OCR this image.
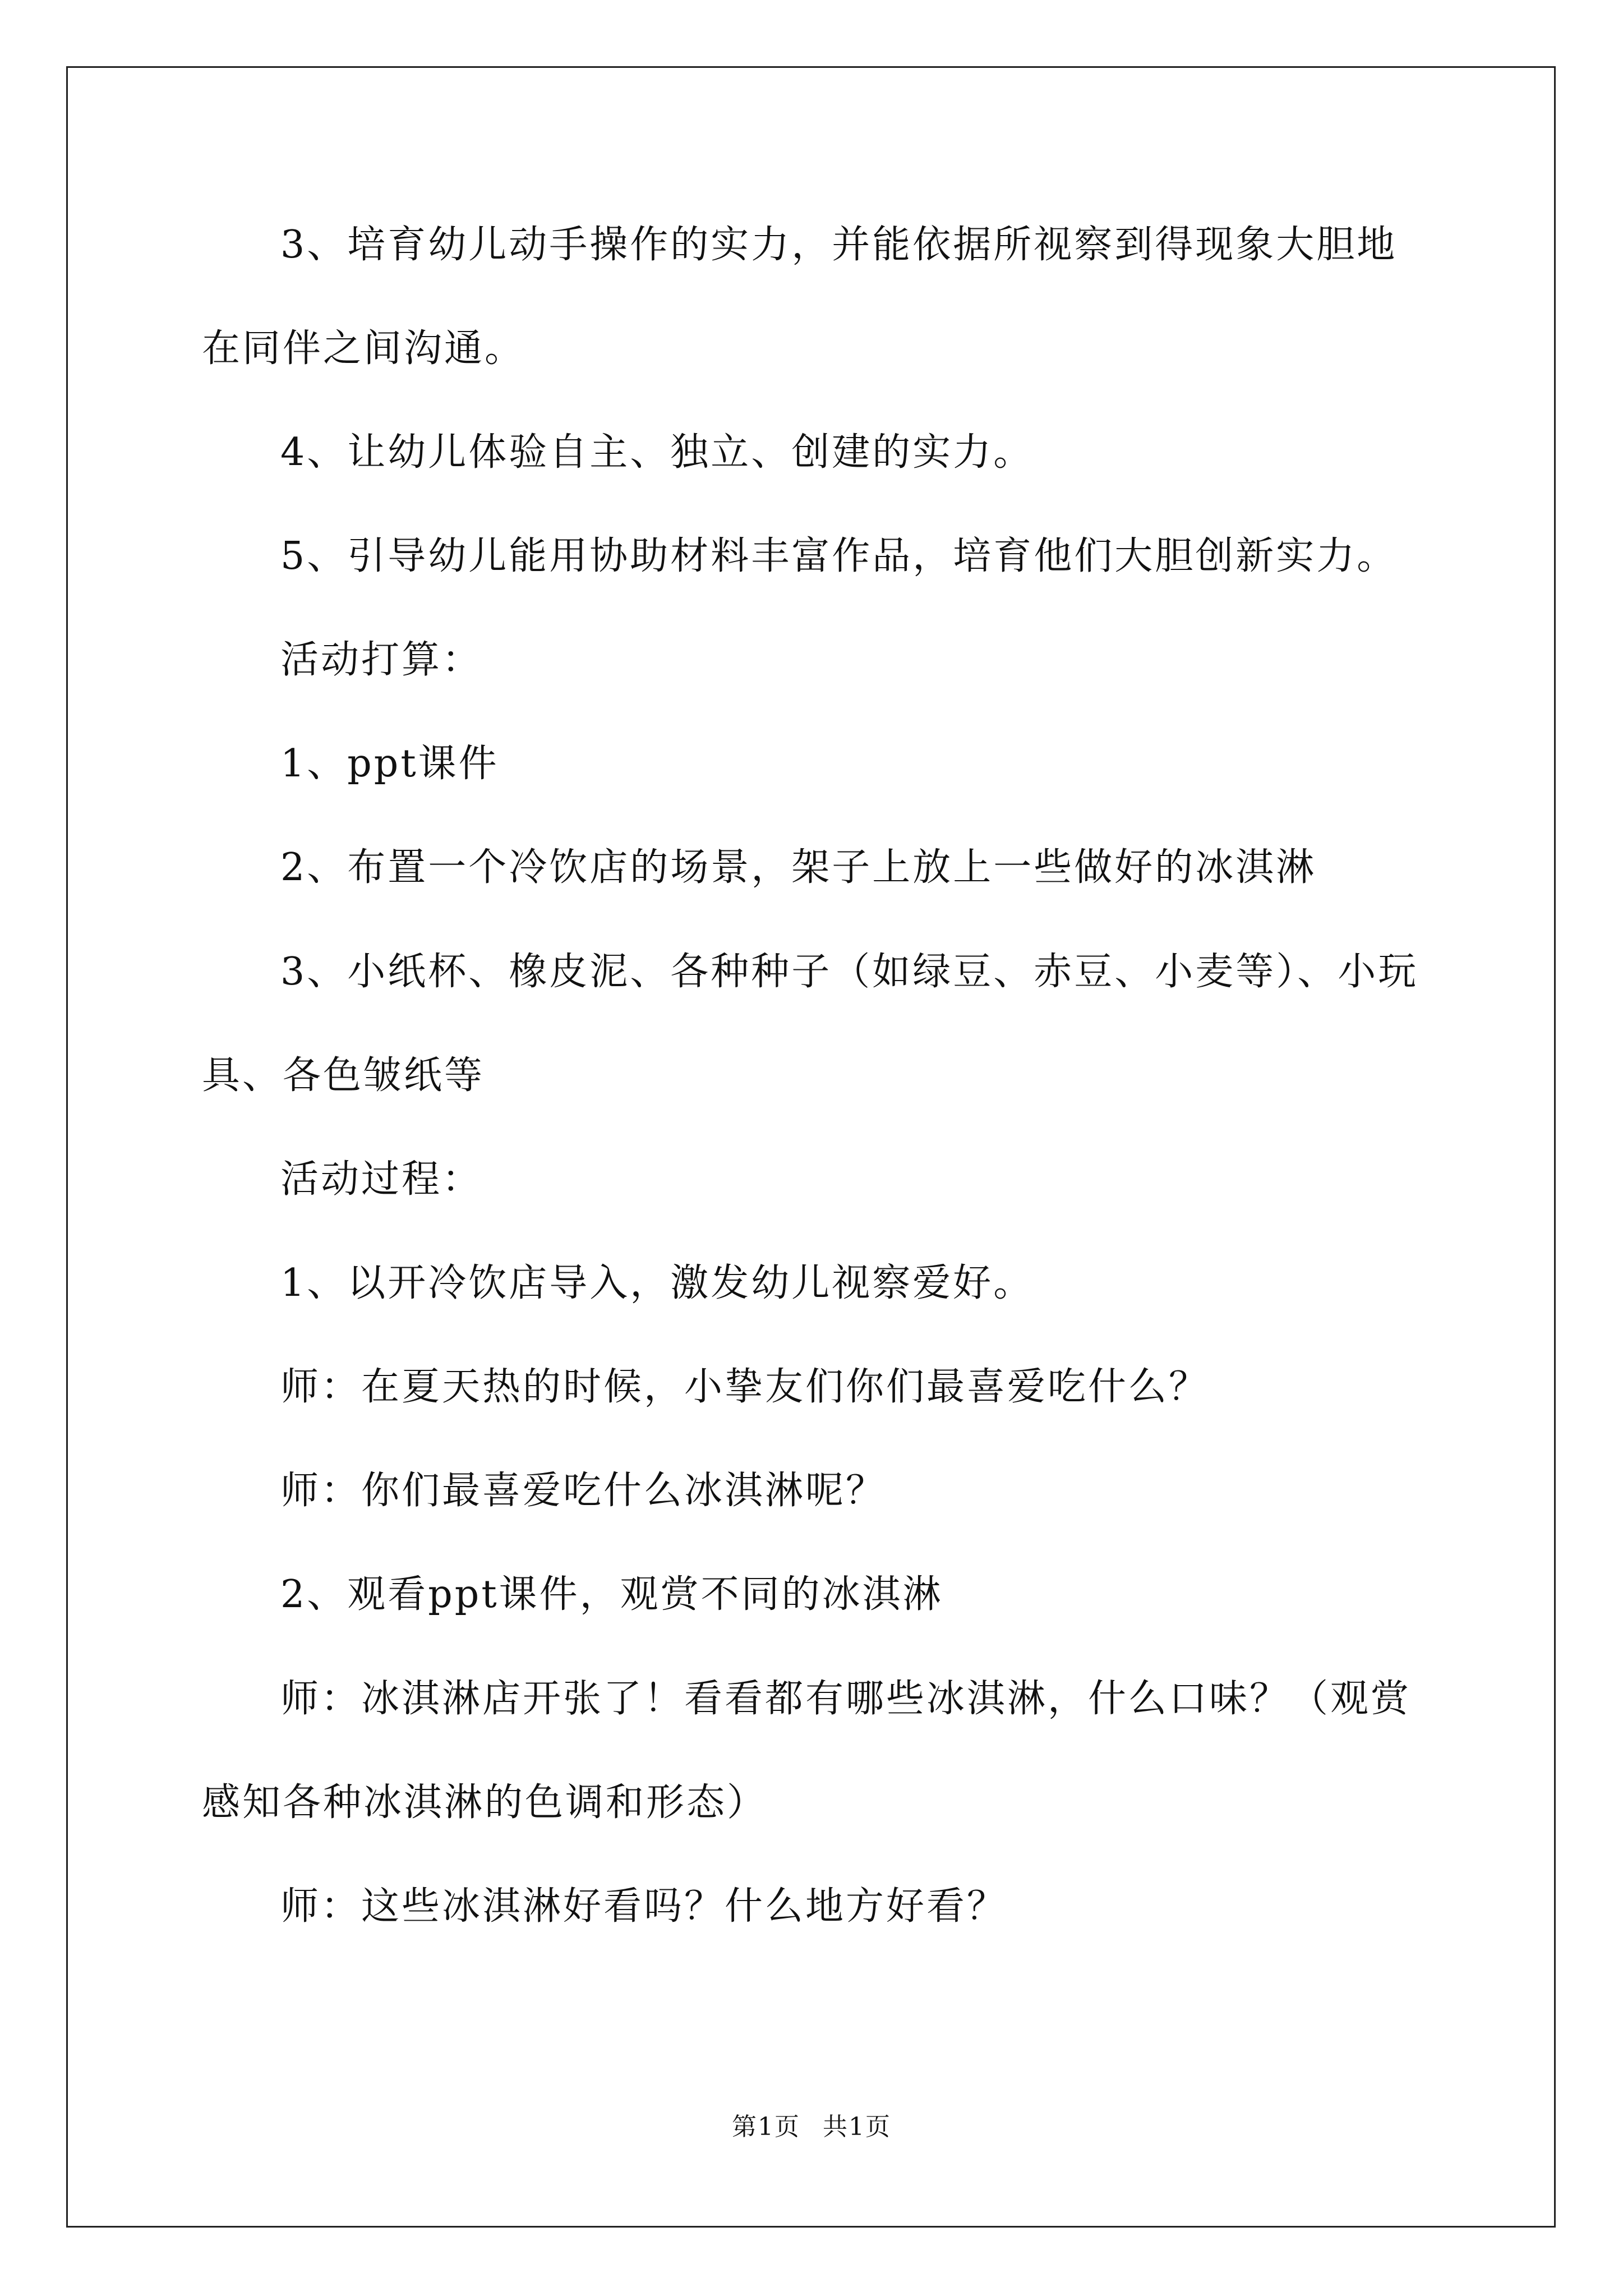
3、培育幼儿动手操作的实力，并能依据所视察到得现象大胆地在同伴之间沟通。

4、让幼儿体验自主、独立、创建的实力。

5、引导幼儿能用协助材料丰富作品，培育他们大胆创新实力。

活动打算：

1、ppt课件

2、布置一个冷饮店的场景，架子上放上一些做好的冰淇淋

3、小纸杯、橡皮泥、各种种子（如绿豆、赤豆、小麦等）、小玩具、各色皱纸等

活动过程：

1、以开冷饮店导入，激发幼儿视察爱好。

师：在夏天热的时候，小挚友们你们最喜爱吃什么？

师：你们最喜爱吃什么冰淇淋呢？

2、观看ppt课件，观赏不同的冰淇淋

师：冰淇淋店开张了！看看都有哪些冰淇淋，什么口味？（观赏感知各种冰淇淋的色调和形态）

师：这些冰淇淋好看吗？什么地方好看？

第1页 共1页
